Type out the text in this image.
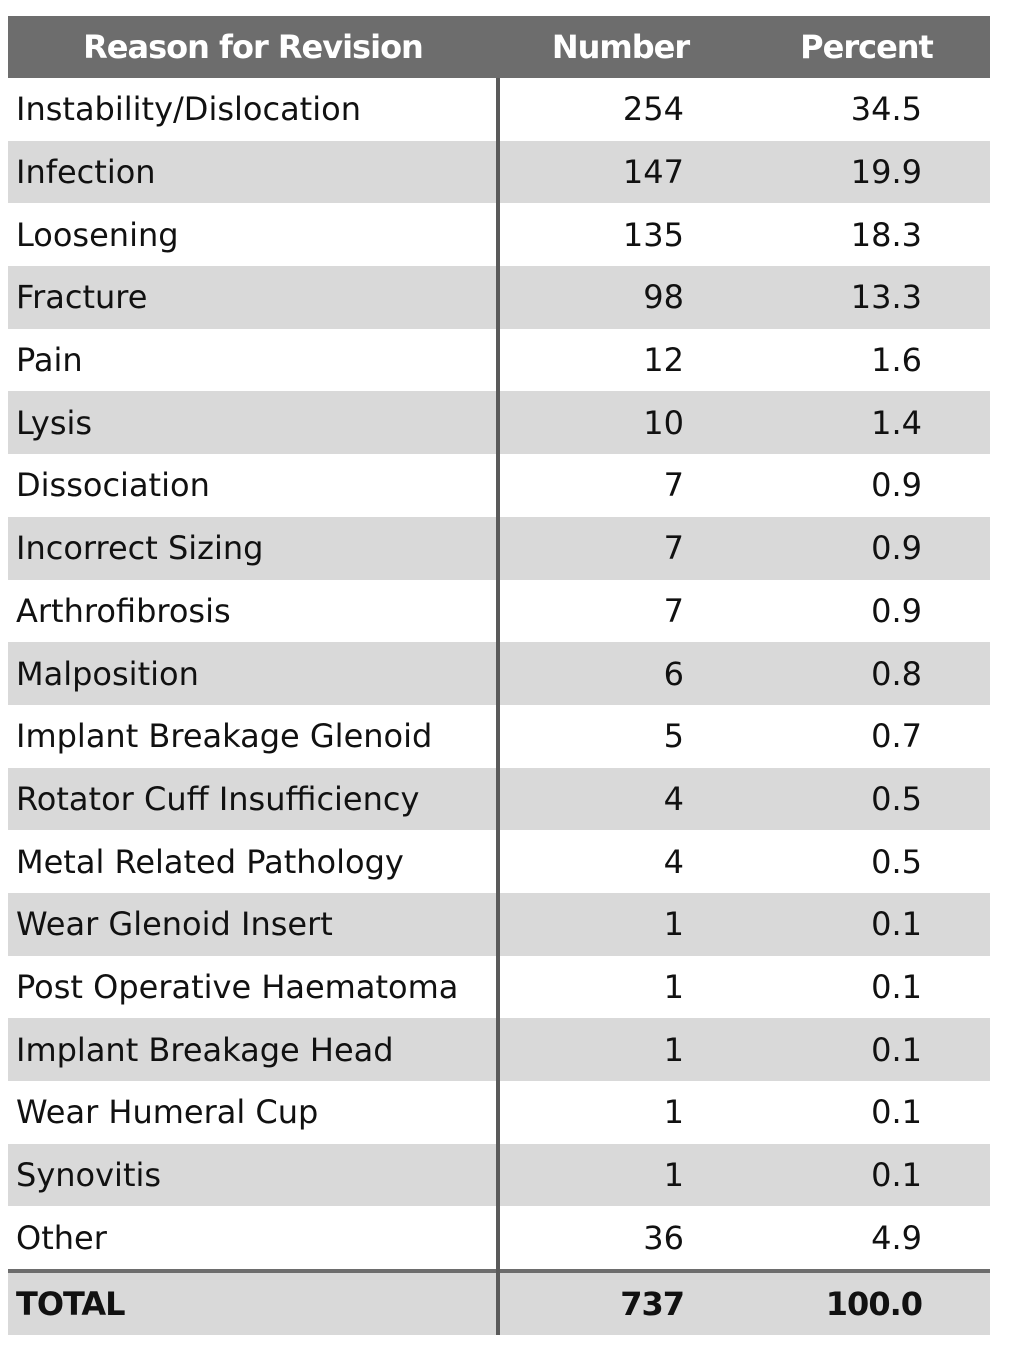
Reason for Revision	Number	Percent
Instability/Dislocation	254	34.5
Infection	147	19.9
Loosening	135	18.3
Fracture	98	13.3
Pain	12	1.6
Lysis	10	1.4
Dissociation	7	0.9
Incorrect Sizing	7	0.9
Arthrofibrosis	7	0.9
Malposition	6	0.8
Implant Breakage Glenoid	5	0.7
Rotator Cuff Insufficiency	4	0.5
Metal Related Pathology	4	0.5
Wear Glenoid Insert	1	0.1
Post Operative Haematoma	1	0.1
Implant Breakage Head	1	0.1
Wear Humeral Cup	1	0.1
Synovitis	1	0.1
Other	36	4.9
TOTAL	737	100.0
